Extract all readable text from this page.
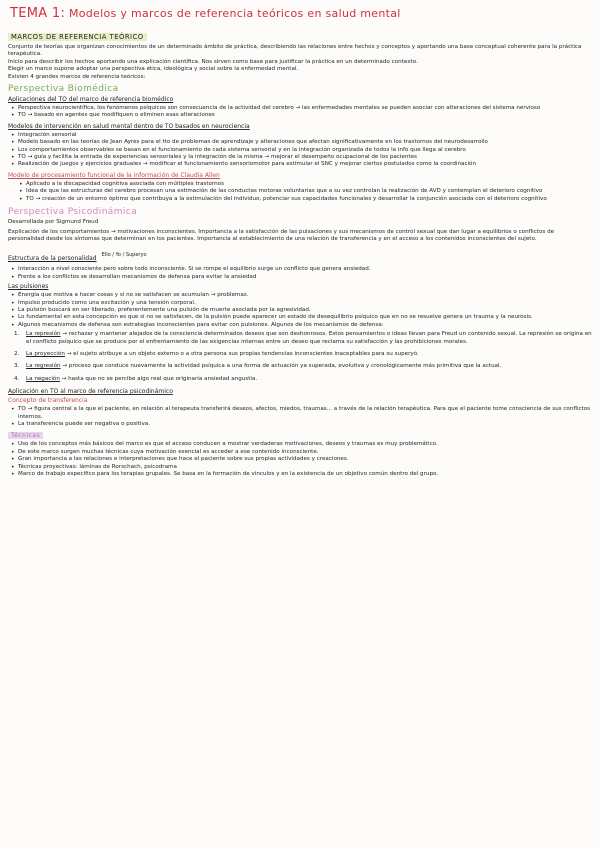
TEMA 1: Modelos y marcos de referencia teóricos en salud mental
MARCOS DE REFERENCIA TEÓRICO

Conjunto de teorías que organizan conocimientos de un determinado ámbito de práctica, describiendo las relaciones entre hechos y conceptos y aportando una base conceptual coherente para la práctica terapéutica.

Inicio para describir los hechos aportando una explicación científica. Nos sirven como base para justificar la práctica en un determinado contexto.

Elegir un marco supone adoptar una perspectiva ética, ideológica y social sobre la enfermedad mental.

Existen 4 grandes marcos de referencia teóricos:

Perspectiva Biomédica
Aplicaciones del TO del marco de referencia biomédico
• Perspectiva neurocientífica, los fenómenos psíquicos son consecuencia de la actividad del cerebro → las enfermedades mentales se pueden asociar con alteraciones del sistema nervioso
• TO → basado en agentes que modifiquen o eliminen esas alteraciones
Modelos de intervención en salud mental dentro de TO basados en neurociencia
• Integración sensorial
• Modelo basado en las teorías de Jean Ayres para el tto de problemas de aprendizaje y alteraciones que afectan significativamente en los trastornos del neurodesarrollo
• Los comportamientos observables se basan en el funcionamiento de cada sistema sensorial y en la integración organizada de todos la info que llega al cerebro
• TO → guía y facilita la entrada de experiencias sensoriales y la integración de la misma → mejorar el desempeño ocupacional de los pacientes
• Realización de juegos y ejercicios graduales → modificar el funcionamiento sensoriomotor para estimular el SNC y mejorar ciertos postulados como la coordinación
Modelo de procesamiento funcional de la información de Claudia Allen
• Aplicado a la discapacidad cognitiva asociada con múltiples trastornos
• Idea de que las estructuras del cerebro procesan una estimación de las conductas motoras voluntarias que a su vez controlan la realización de AVD y contemplan el deterioro cognitivo
• TO → creación de un entorno óptimo que contribuya a la estimulación del individuo, potenciar sus capacidades funcionales y desarrollar la conjunción asociada con el deterioro cognitivo
Perspectiva Psicodinámica

Desarrollada por Sigmund Freud

Explicación de los comportamientos → motivaciones inconscientes. Importancia a la satisfacción de las pulsaciones y sus mecanismos de control sexual que dan lugar a equilibrios o conflictos de personalidad desde los síntomas que determinan en los pacientes. Importancia al establecimiento de una relación de transferencia y en el acceso a los contenidos inconscientes del sujeto.

Estructura de la personalidad Ello / Yo / Superyo
• Interacción a nivel consciente pero sobre todo inconsciente. Si se rompe el equilibrio surge un conflicto que genera ansiedad.
• Frente a los conflictos se desarrollan mecanismos de defensa para evitar la ansiedad
Las pulsiones
• Energía que motiva a hacer cosas y si no se satisfacen se acumulan → problemas.
• Impulso producido como una excitación y una tensión corporal.
• La pulsión buscará en ser liberado, preferentemente una pulsión de muerte asociada por la agresividad.
• Lo fundamental en esta concepción es que si no se satisfacen, de la pulsión puede aparecer un estado de desequilibrio psíquico que en no se resuelve genera un trauma y la neurosis.
• Algunos mecanismos de defensa son estrategias inconscientes para evitar con pulsiones. Algunos de los mecanismos de defensa:
1. La represión → rechazar y mantener alejados de la consciencia determinados deseos que son deshonrosos. Estos pensamientos o ideas llevan para Freud un contenido sexual. La represión se origina en el conflicto psíquico que se produce por el enfrentamiento de las exigencias internas entre un deseo que reclama su satisfacción y las prohibiciones morales.
2. La proyección → el sujeto atribuye a un objeto externo o a otra persona sus propias tendencias inconscientes inaceptables para su superyó.
3. La regresión → proceso que conduce nuevamente la actividad psíquica a una forma de actuación ya superada, evolutiva y cronológicamente más primitiva que la actual.
4. La negación → hasta que no se percibe algo real que originaría ansiedad angustia.
Aplicación en TO al marco de referencia psicodinámico
Concepto de transferencia
• TO → figura central a la que el paciente, en relación al terapeuta transferirá deseos, afectos, miedos, traumas... a través de la relación terapéutica. Para que el paciente tome consciencia de sus conflictos internos.
• La transferencia puede ser negativa o positiva.
Técnicas
• Uso de los conceptos más básicos del marco es que el acceso conducen a mostrar verdaderas motivaciones, deseos y traumas es muy problemático.
• De este marco surgen muchas técnicas cuya motivación esencial es acceder a ese contenido inconsciente.
• Gran importancia a las relaciones e interpretaciones que hace el paciente sobre sus propias actividades y creaciones.
• Técnicas proyectivas: láminas de Rorschach, psicodrama
• Marco de trabajo específico para los terapias grupales. Se basa en la formación de vínculos y en la existencia de un objetivo común dentro del grupo.
